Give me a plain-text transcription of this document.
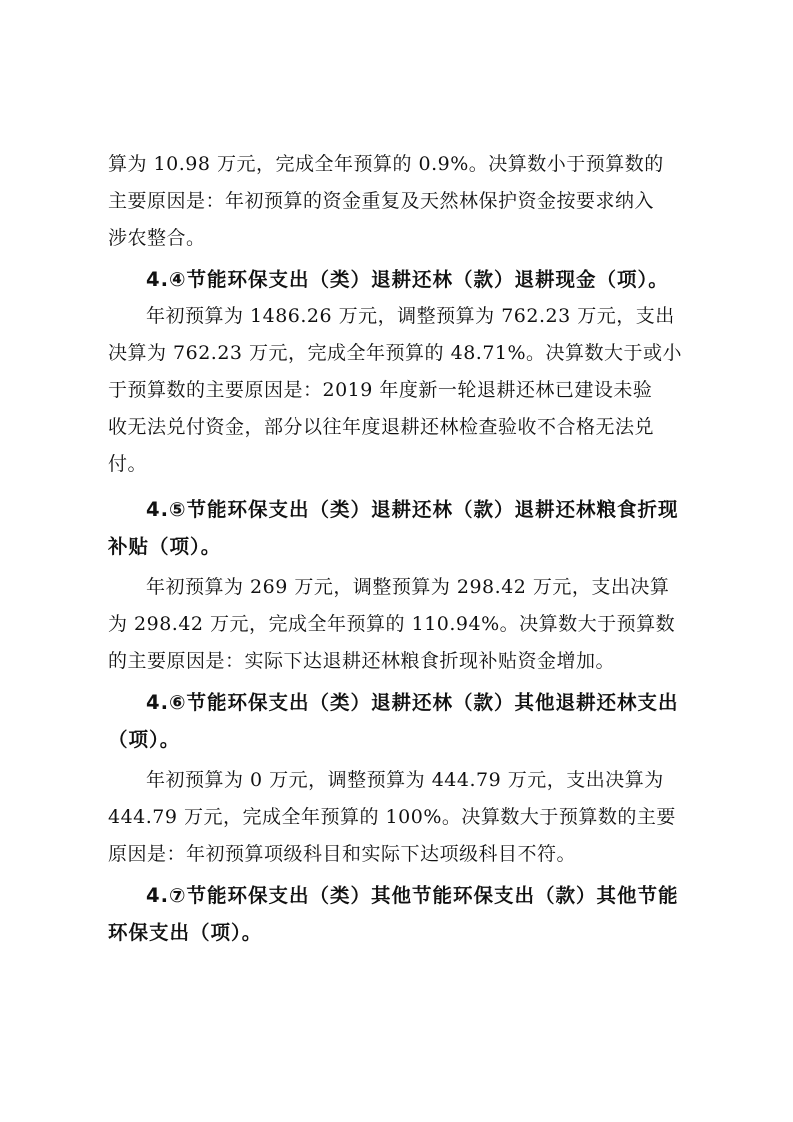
算为 10.98 万元，完成全年预算的 0.9%。决算数小于预算数的
主要原因是：年初预算的资金重复及天然林保护资金按要求纳入
涉农整合。
4.④节能环保支出（类）退耕还林（款）退耕现金（项）。
年初预算为 1486.26 万元，调整预算为 762.23 万元，支出
决算为 762.23 万元，完成全年预算的 48.71%。决算数大于或小
于预算数的主要原因是：2019 年度新一轮退耕还林已建设未验
收无法兑付资金，部分以往年度退耕还林检查验收不合格无法兑
付。
4.⑤节能环保支出（类）退耕还林（款）退耕还林粮食折现
补贴（项）。
年初预算为 269 万元，调整预算为 298.42 万元，支出决算
为 298.42 万元，完成全年预算的 110.94%。决算数大于预算数
的主要原因是：实际下达退耕还林粮食折现补贴资金增加。
4.⑥节能环保支出（类）退耕还林（款）其他退耕还林支出
（项）。
年初预算为 0 万元，调整预算为 444.79 万元，支出决算为
444.79 万元，完成全年预算的 100%。决算数大于预算数的主要
原因是：年初预算项级科目和实际下达项级科目不符。
4.⑦节能环保支出（类）其他节能环保支出（款）其他节能
环保支出（项）。
